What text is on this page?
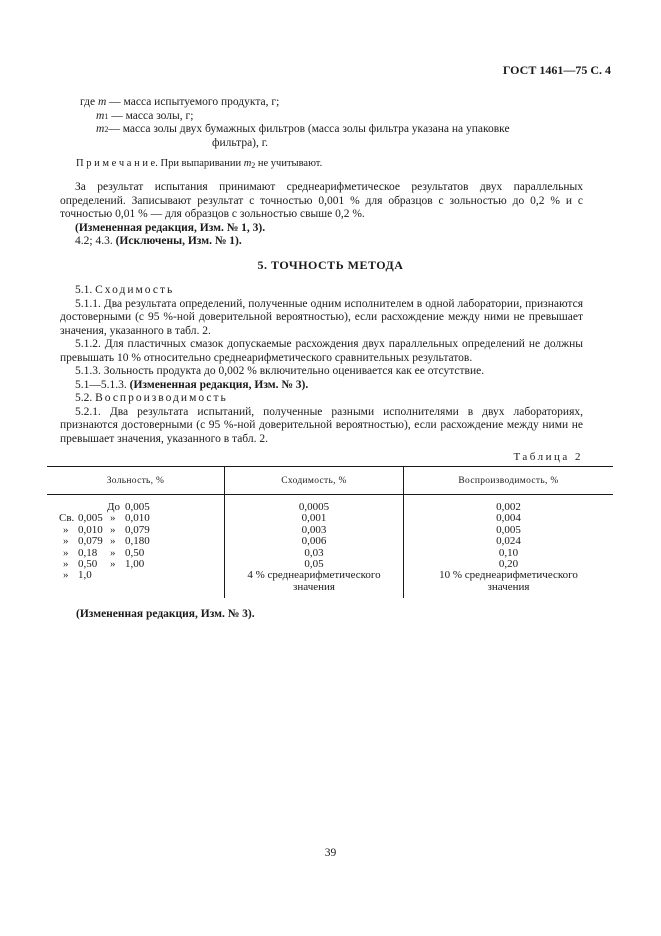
ГОСТ 1461—75 С. 4
где m — масса испытуемого продукта, г;
m 1 — масса золы, г;
m 2 — масса золы двух бумажных фильтров (масса золы фильтра указана на упаковке
фильтра), г.
П р и м е ч а н и е. При выпаривании $m_2$ не учитывают.

За результат испытания принимают среднеарифметическое результатов двух параллельных определений. Записывают результат с точностью 0,001 % для образцов с зольностью до 0,2 % и с точностью 0,01 % — для образцов с зольностью свыше 0,2 %.

(Измененная редакция, Изм. № 1, 3).

4.2; 4.3. (Исключены, Изм. № 1).

5. ТОЧНОСТЬ МЕТОДА

5.1. Сходимость

5.1.1. Два результата определений, полученные одним исполнителем в одной лаборатории, признаются достоверными (с 95 %-ной доверительной вероятностью), если расхождение между ними не превышает значения, указанного в табл. 2.

5.1.2. Для пластичных смазок допускаемые расхождения двух параллельных определений не должны превышать 10 % относительно среднеарифметического сравнительных результатов.

5.1.3. Зольность продукта до 0,002 % включительно оценивается как ее отсутствие.

5.1—5.1.3. (Измененная редакция, Изм. № 3).

5.2. Воспроизводимость

5.2.1. Два результата испытаний, полученные разными исполнителями в двух лабораториях, признаются достоверными (с 95 %-ной доверительной вероятностью), если расхождение между ними не превышает значения, указанного в табл. 2.

Таблица 2
Зольность, %	Сходимость, %	Воспроизводимость, %
До 0,005
Св. 0,005 » 0,010
» 0,010 » 0,079
» 0,079 » 0,180
» 0,18 » 0,50
» 0,50 » 1,00
» 1,0
0,0005
0,001
0,003
0,006
0,03
0,05
4 % среднеарифметического
значения
0,002
0,004
0,005
0,024
0,10
0,20
10 % среднеарифметического
значения
(Измененная редакция, Изм. № 3).
39
